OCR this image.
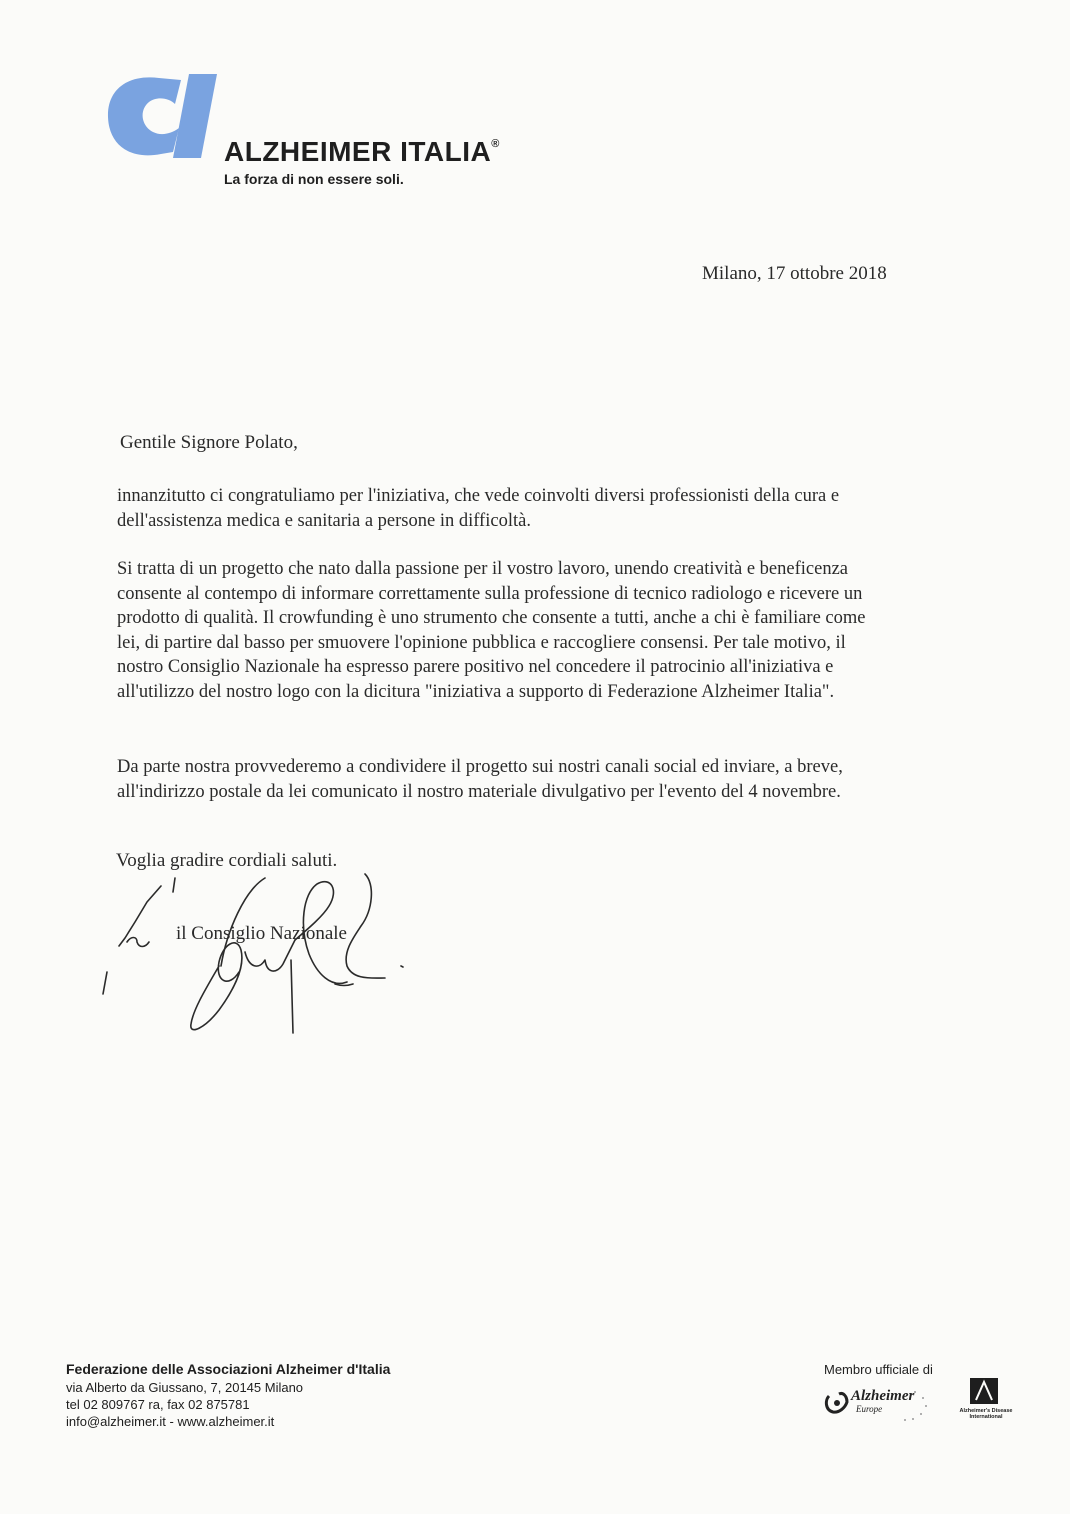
ALZHEIMER ITALIA®
La forza di non essere soli.
Milano, 17 ottobre 2018
Gentile Signore Polato,

innanzitutto ci congratuliamo per l'iniziativa, che vede coinvolti diversi professionisti della cura e dell'assistenza medica e sanitaria a persone in difficoltà.

Si tratta di un progetto che nato dalla passione per il vostro lavoro, unendo creatività e beneficenza consente al contempo di informare correttamente sulla professione di tecnico radiologo e ricevere un prodotto di qualità. Il crowfunding è uno strumento che consente a tutti, anche a chi è familiare come lei, di partire dal basso per smuovere l'opinione pubblica e raccogliere consensi. Per tale motivo, il nostro Consiglio Nazionale ha espresso parere positivo nel concedere il patrocinio all'iniziativa e all'utilizzo del nostro logo con la dicitura "iniziativa a supporto di Federazione Alzheimer Italia".

Da parte nostra provvederemo a condividere il progetto sui nostri canali social ed inviare, a breve, all'indirizzo postale da lei comunicato il nostro materiale divulgativo per l'evento del 4 novembre.

Voglia gradire cordiali saluti.
il Consiglio Nazionale
Federazione delle Associazioni Alzheimer d'Italia
via Alberto da Giussano, 7, 20145 Milano
tel 02 809767 ra, fax 02 875781
info@alzheimer.it - www.alzheimer.it
Membro ufficiale di
Alzheimer
Europe	Alzheimer's Disease International
